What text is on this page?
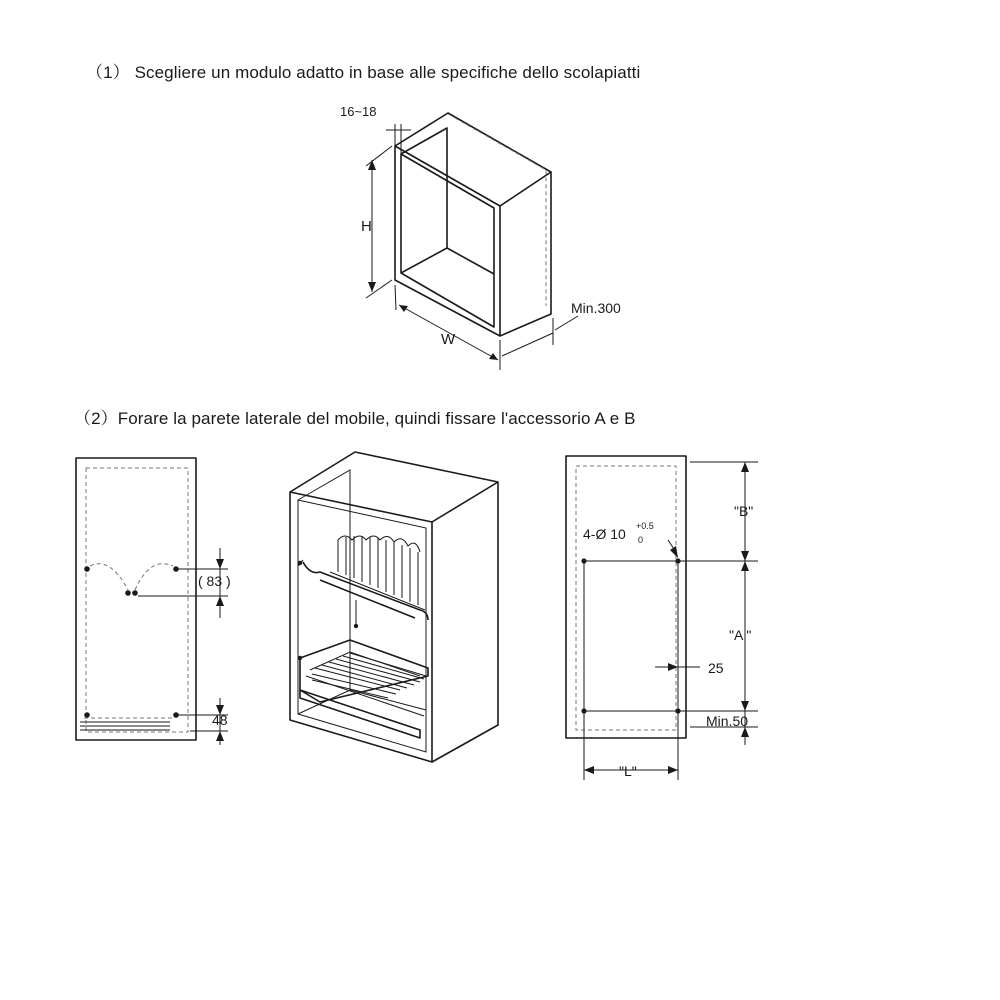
（1） Scegliere un modulo adatto in base alle specifiche dello scolapiatti
（2）Forare la parete laterale del mobile, quindi fissare l'accessorio A e B
16~18
H
W
Min.300
( 83 )
48
4-Ø 10 +0.5
0
"B"
"A "
25
Min.50
"L"
